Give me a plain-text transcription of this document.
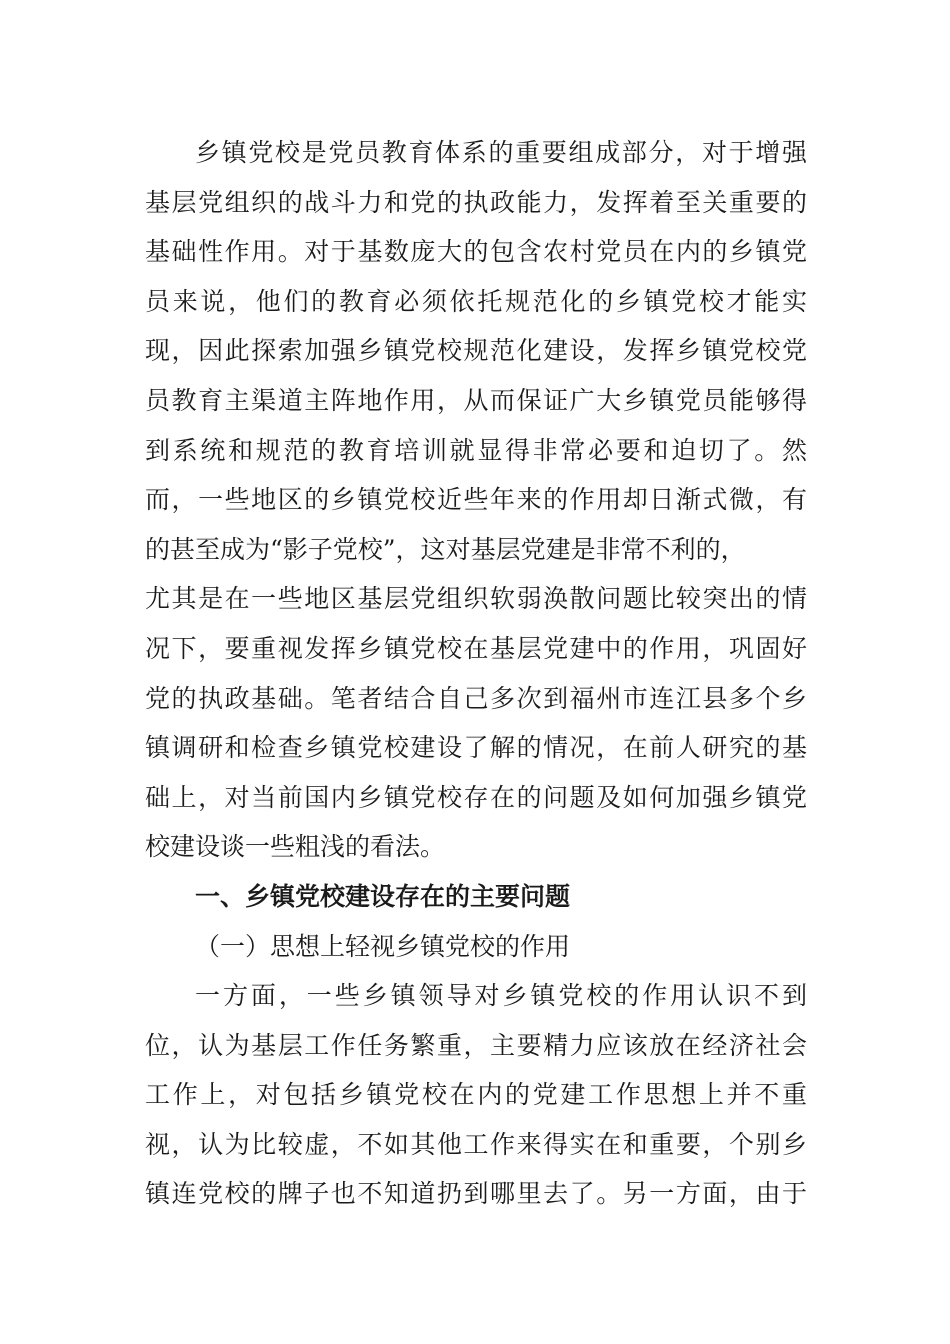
乡镇党校是党员教育体系的重要组成部分，对于增强
基层党组织的战斗力和党的执政能力，发挥着至关重要的
基础性作用。对于基数庞大的包含农村党员在内的乡镇党
员来说，他们的教育必须依托规范化的乡镇党校才能实
现，因此探索加强乡镇党校规范化建设，发挥乡镇党校党
员教育主渠道主阵地作用，从而保证广大乡镇党员能够得
到系统和规范的教育培训就显得非常必要和迫切了。然
而，一些地区的乡镇党校近些年来的作用却日渐式微，有
的甚至成为“影子党校”，这对基层党建是非常不利的，
尤其是在一些地区基层党组织软弱涣散问题比较突出的情
况下，要重视发挥乡镇党校在基层党建中的作用，巩固好
党的执政基础。笔者结合自己多次到福州市连江县多个乡
镇调研和检查乡镇党校建设了解的情况，在前人研究的基
础上，对当前国内乡镇党校存在的问题及如何加强乡镇党
校建设谈一些粗浅的看法。
一、乡镇党校建设存在的主要问题
（一）思想上轻视乡镇党校的作用
一方面，一些乡镇领导对乡镇党校的作用认识不到
位，认为基层工作任务繁重，主要精力应该放在经济社会
工作上，对包括乡镇党校在内的党建工作思想上并不重
视，认为比较虚，不如其他工作来得实在和重要，个别乡
镇连党校的牌子也不知道扔到哪里去了。另一方面，由于
